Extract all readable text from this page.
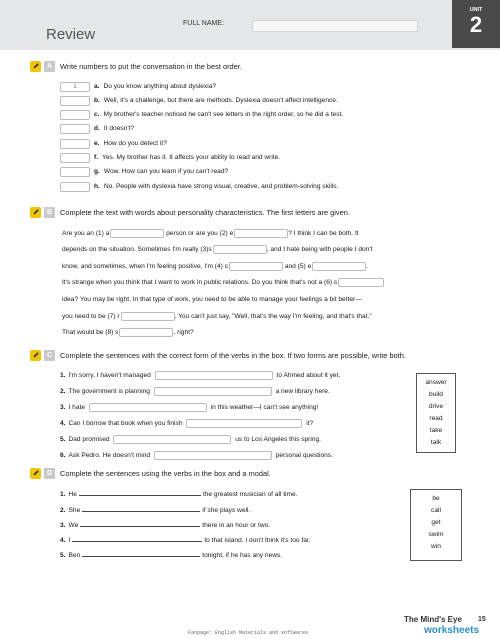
Review
FULL NAME:
UNIT
2
A	Write numbers to put the conversation in the best order.
1	a. Do you know anything about dyslexia?
b. Well, it's a challenge, but there are methods. Dyslexia doesn't affect intelligence.
c. My brother's teacher noticed he can't see letters in the right order, so he did a test.
d. It doesn't?
e. How do you detect it?
f. Yes. My brother has it. It affects your ability to read and write.
g. Wow. How can you learn if you can't read?
h. No. People with dyslexia have strong visual, creative, and problem-solving skills.
B	Complete the text with words about personality characteristics. The first letters are given.
Are you an (1) a	person or are you (2) e	? I think I can be both. It
depends on the situation. Sometimes I'm really (3)s	, and I hate being with people I don't
know, and sometimes, when I'm feeling positive, I'm (4) c	and (5) e	.
It's strange when you think that I want to work in public relations. Do you think that's not a (6) s
idea? You may be right. In that type of work, you need to be able to manage your feelings a bit better—
you need to be (7) r	. You can't just say, "Well, that's the way I'm feeling, and that's that."
That would be (8) s	, right?
C	Complete the sentences with the correct form of the verbs in the box. If two forms are possible, write both.
1. I'm sorry, I haven't managed	to Ahmed about it yet.
2. The government is planning	a new library here.
3. I hate	in this weather—I can't see anything!
4. Can I borrow that book when you finish	it?
5. Dad promised	us to Los Angeles this spring.
6. Ask Pedro. He doesn't mind	personal questions.
answer
build
drive
read
take
talk
D	Complete the sentences using the verbs in the box and a modal.
1. He	the greatest musician of all time.
2. She	if she plays well.
3. We	there in an hour or two.
4. I	to that island. I don't think it's too far.
5. Ben	tonight, if he has any news.
be
call
get
swim
win
The Mind's Eye 15
worksheets
Fanpage: English Materials and softwares
